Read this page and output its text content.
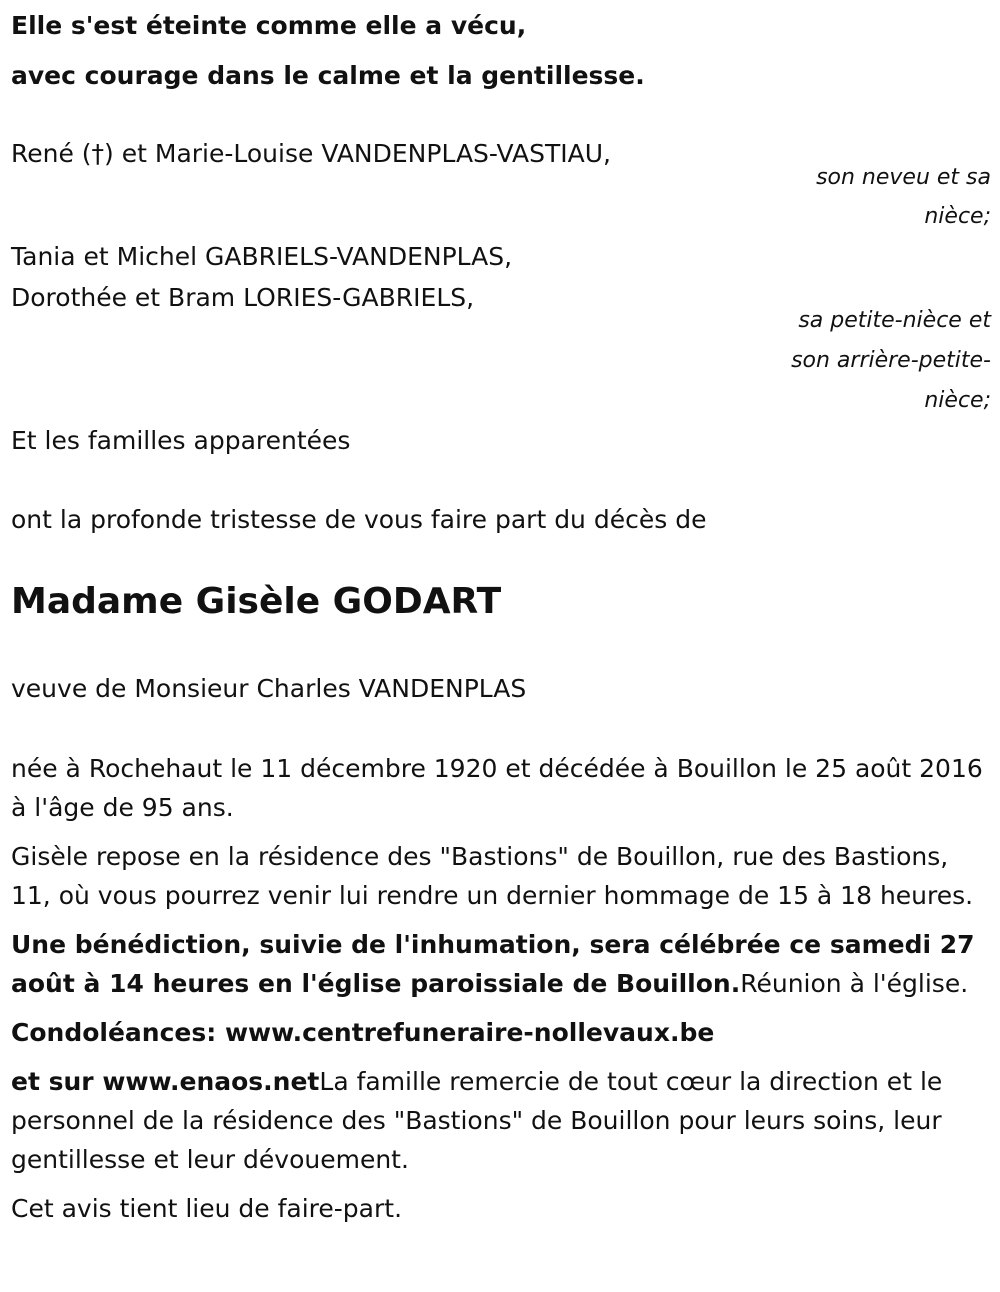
Elle s'est éteinte comme elle a vécu,

avec courage dans le calme et la gentillesse.

René (†) et Marie-Louise VANDENPLAS-VASTIAU,

son neveu et sa

nièce;

Tania et Michel GABRIELS-VANDENPLAS,

Dorothée et Bram LORIES-GABRIELS,

sa petite-nièce et

son arrière-petite-

nièce;

Et les familles apparentées

ont la profonde tristesse de vous faire part du décès de

Madame Gisèle GODART

veuve de Monsieur Charles VANDENPLAS

née à Rochehaut le 11 décembre 1920 et décédée à Bouillon le 25 août 2016 à l'âge de 95 ans.

Gisèle repose en la résidence des "Bastions" de Bouillon, rue des Bastions, 11, où vous pourrez venir lui rendre un dernier hommage de 15 à 18 heures.

Une bénédiction, suivie de l'inhumation, sera célébrée ce samedi 27 août à 14 heures en l'église paroissiale de Bouillon.Réunion à l'église.

Condoléances: www.centrefuneraire-nollevaux.be

et sur www.enaos.netLa famille remercie de tout cœur la direction et le personnel de la résidence des "Bastions" de Bouillon pour leurs soins, leur gentillesse et leur dévouement.

Cet avis tient lieu de faire-part.
